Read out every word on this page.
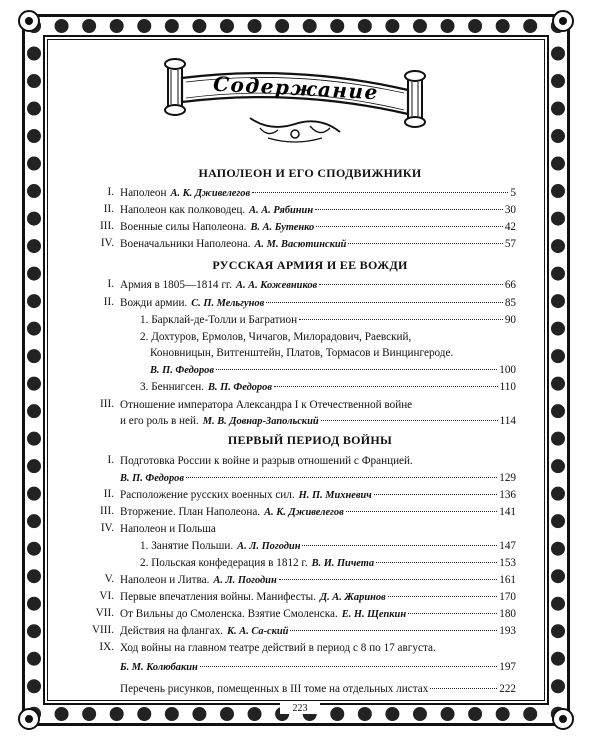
Содержание
НАПОЛЕОН И ЕГО СПОДВИЖНИКИ
I. Наполеон А. К. Дживелегов	5
II. Наполеон как полководец. А. А. Рябинин	30
III. Военные силы Наполеона. В. А. Бутенко	42
IV. Военачальники Наполеона. А. М. Васютинский	57
РУССКАЯ АРМИЯ И ЕЕ ВОЖДИ
I. Армия в 1805—1814 гг. А. А. Кожевников	66
II. Вожди армии. С. П. Мельгунов	85
1. Барклай-де-Толли и Багратион	90
2. Дохтуров, Ермолов, Чичагов, Милорадович, Раевский,
Коновницын, Витгенштейн, Платов, Тормасов и Винцингероде.
В. П. Федоров	100
3. Беннигсен. В. П. Федоров	110
III. Отношение императора Александра I к Отечественной войне
и его роль в ней. М. В. Довнар-Запольский	114
ПЕРВЫЙ ПЕРИОД ВОЙНЫ
I. Подготовка России к войне и разрыв отношений с Францией.
В. П. Федоров	129
II. Расположение русских военных сил. Н. П. Михневич	136
III. Вторжение. План Наполеона. А. К. Дживелегов	141
IV. Наполеон и Польша
1. Занятие Польши. А. Л. Погодин	147
2. Польская конфедерация в 1812 г. В. И. Пичета	153
V. Наполеон и Литва. А. Л. Погодин	161
VI. Первые впечатления войны. Манифесты. Д. А. Жаринов	170
VII. От Вильны до Смоленска. Взятие Смоленска. Е. Н. Щепкин	180
VIII. Действия на флангах. К. А. Са-ский	193
IX. Ход войны на главном театре действий в период с 8 по 17 августа.
Б. М. Колюбакин	197
Перечень рисунков, помещенных в III томе на отдельных листах	222
223
